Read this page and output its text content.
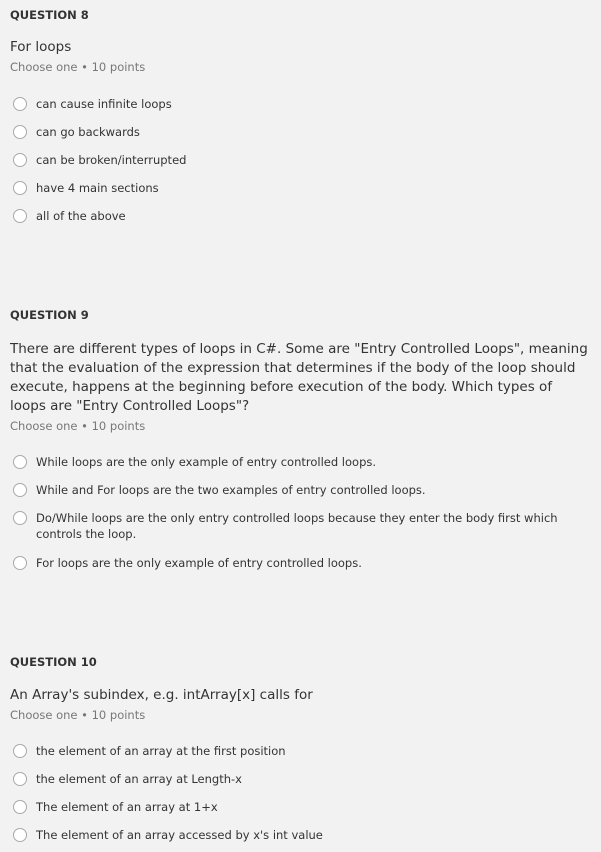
QUESTION 8

For loops

Choose one • 10 points

can cause infinite loops
can go backwards
can be broken/interrupted
have 4 main sections
all of the above

QUESTION 9

There are different types of loops in C#. Some are "Entry Controlled Loops", meaning that the evaluation of the expression that determines if the body of the loop should execute, happens at the beginning before execution of the body. Which types of loops are "Entry Controlled Loops"?

Choose one • 10 points

While loops are the only example of entry controlled loops.
While and For loops are the two examples of entry controlled loops.
Do/While loops are the only entry controlled loops because they enter the body first which controls the loop.
For loops are the only example of entry controlled loops.

QUESTION 10

An Array's subindex, e.g. intArray[x] calls for

Choose one • 10 points

the element of an array at the first position
the element of an array at Length-x
The element of an array at 1+x
The element of an array accessed by x's int value
